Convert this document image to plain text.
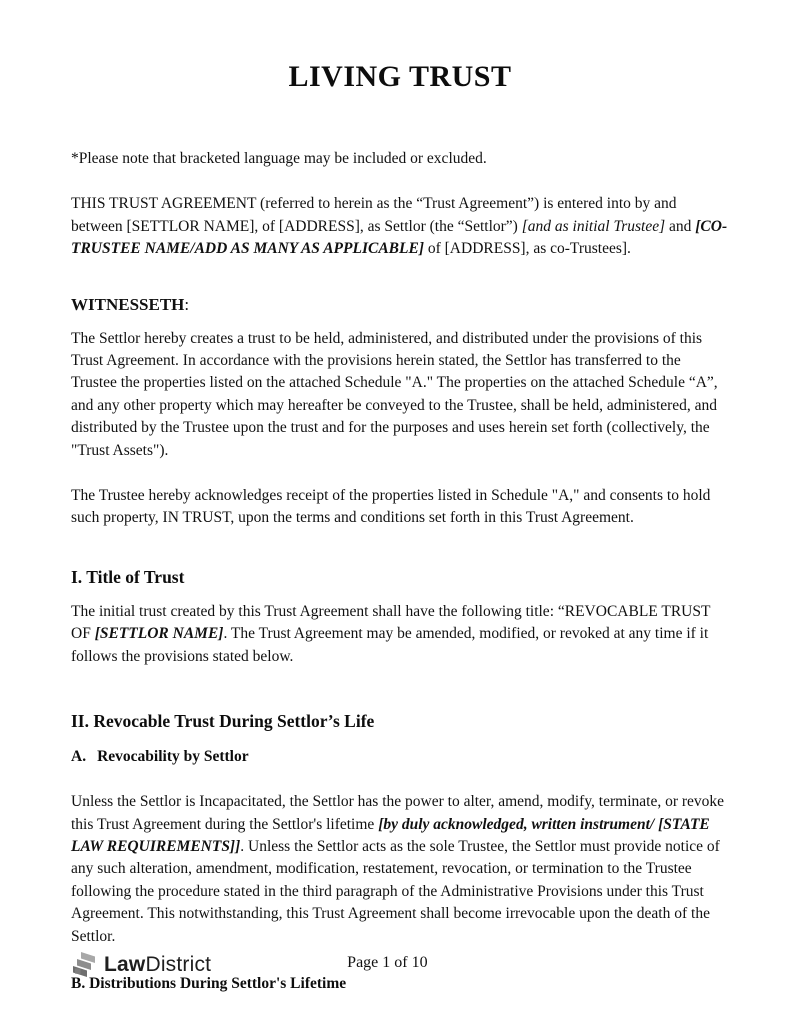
LIVING TRUST

*Please note that bracketed language may be included or excluded.

THIS TRUST AGREEMENT (referred to herein as the “Trust Agreement”) is entered into by and between [SETTLOR NAME], of [ADDRESS], as Settlor (the “Settlor”) [and as initial Trustee] and [CO-TRUSTEE NAME/ADD AS MANY AS APPLICABLE] of [ADDRESS], as co-Trustees].

WITNESSETH:

The Settlor hereby creates a trust to be held, administered, and distributed under the provisions of this Trust Agreement. In accordance with the provisions herein stated, the Settlor has transferred to the Trustee the properties listed on the attached Schedule "A." The properties on the attached Schedule “A”, and any other property which may hereafter be conveyed to the Trustee, shall be held, administered, and distributed by the Trustee upon the trust and for the purposes and uses herein set forth (collectively, the "Trust Assets").

The Trustee hereby acknowledges receipt of the properties listed in Schedule "A," and consents to hold such property, IN TRUST, upon the terms and conditions set forth in this Trust Agreement.

I. Title of Trust

The initial trust created by this Trust Agreement shall have the following title: “REVOCABLE TRUST OF [SETTLOR NAME]. The Trust Agreement may be amended, modified, or revoked at any time if it follows the provisions stated below.

II. Revocable Trust During Settlor’s Life
A. Revocability by Settlor

Unless the Settlor is Incapacitated, the Settlor has the power to alter, amend, modify, terminate, or revoke this Trust Agreement during the Settlor's lifetime [by duly acknowledged, written instrument/ [STATE LAW REQUIREMENTS]]. Unless the Settlor acts as the sole Trustee, the Settlor must provide notice of any such alteration, amendment, modification, restatement, revocation, or termination to the Trustee following the procedure stated in the third paragraph of the Administrative Provisions under this Trust Agreement. This notwithstanding, this Trust Agreement shall become irrevocable upon the death of the Settlor.

B. Distributions During Settlor's Lifetime
LawDistrict	Page 1 of 10
